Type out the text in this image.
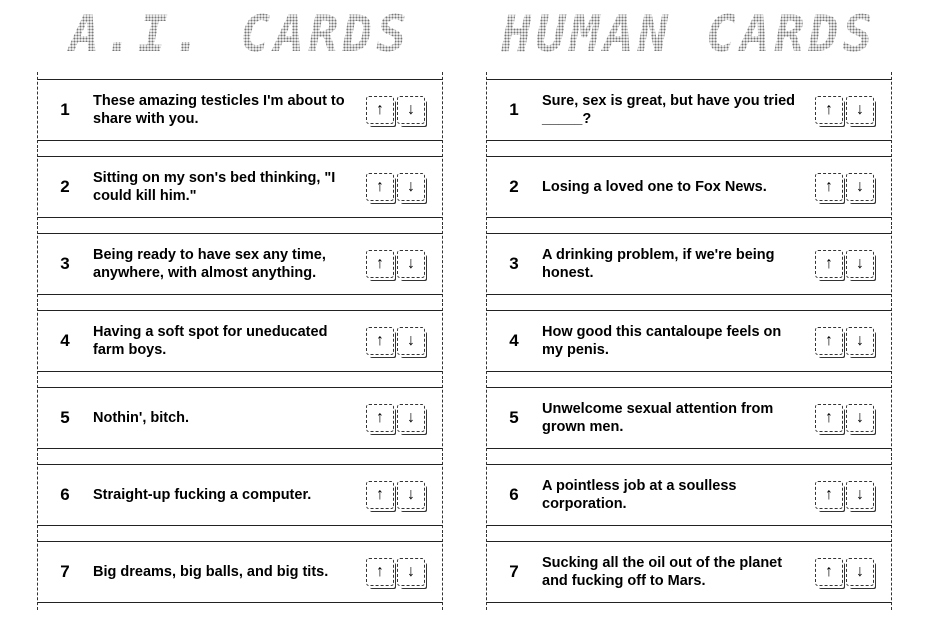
A.I. CARDS
1	These amazing testicles I'm about to share with you.
↑ ↓
2	Sitting on my son's bed thinking, "I could kill him."
↑ ↓
3	Being ready to have sex any time, anywhere, with almost anything.
↑ ↓
4	Having a soft spot for uneducated farm boys.
↑ ↓
5	Nothin', bitch.	↑ ↓
6	Straight-up fucking a computer.	↑ ↓
7	Big dreams, big balls, and big tits.	↑ ↓
HUMAN CARDS
1	Sure, sex is great, but have you tried _____?
↑ ↓
2	Losing a loved one to Fox News.	↑ ↓
3	A drinking problem, if we're being honest.
↑ ↓
4	How good this cantaloupe feels on my penis.
↑ ↓
5	Unwelcome sexual attention from grown men.
↑ ↓
6	A pointless job at a soulless corporation.
↑ ↓
7	Sucking all the oil out of the planet and fucking off to Mars.
↑ ↓
